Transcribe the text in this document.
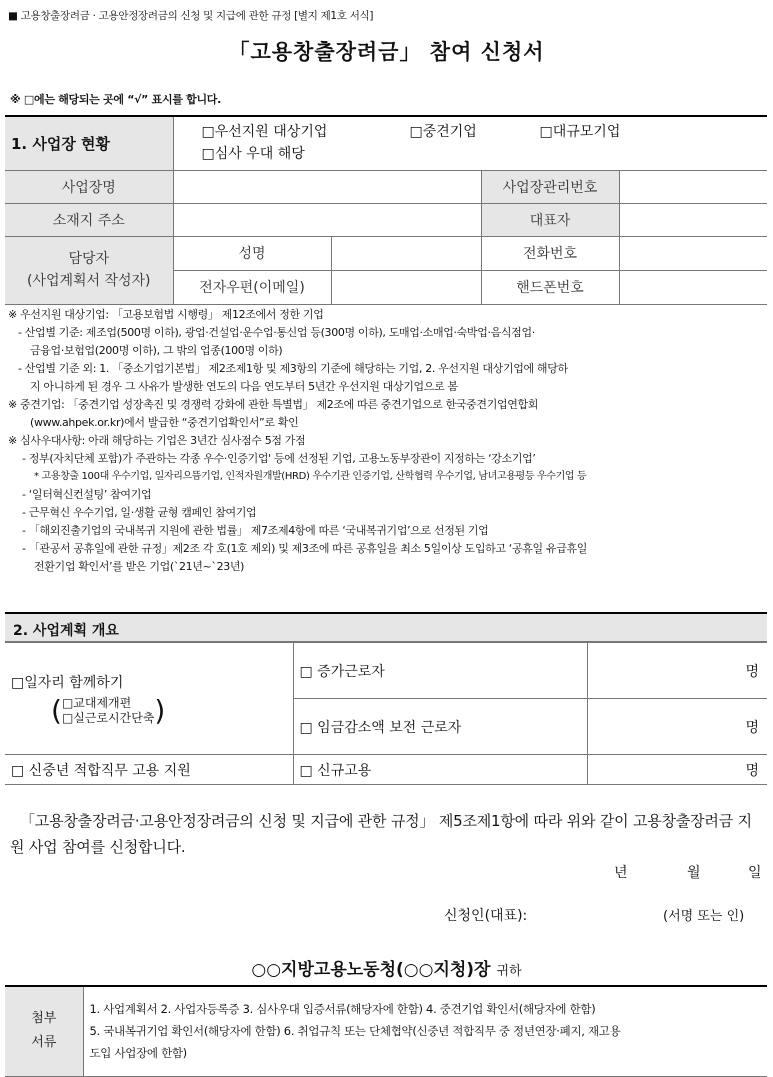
■ 고용창출장려금 · 고용안정장려금의 신청 및 지급에 관한 규정 [별지 제1호 서식]
「고용창출장려금」 참여 신청서
※ □에는 해당되는 곳에 “√” 표시를 합니다.
1. 사업장 현황	□우선지원 대상기업 □중견기업 □대규모기업
□심사 우대 해당			

사업장명			사업장관리번호	
소재지 주소			대표자	

담당자
(사업계획서 작성자)	성명		전화번호	
	전자우편(이메일)		핸드폰번호	
※ 우선지원 대상기업: 「고용보험법 시행령」 제12조에서 정한 기업
- 산업별 기준: 제조업(500명 이하), 광업·건설업·운수업·통신업 등(300명 이하), 도매업·소매업·숙박업·음식점업·
금융업·보험업(200명 이하), 그 밖의 업종(100명 이하)
- 산업별 기준 외: 1. 「중소기업기본법」 제2조제1항 및 제3항의 기준에 해당하는 기업, 2. 우선지원 대상기업에 해당하
지 아니하게 된 경우 그 사유가 발생한 연도의 다음 연도부터 5년간 우선지원 대상기업으로 봄
※ 중견기업: 「중견기업 성장촉진 및 경쟁력 강화에 관한 특별법」 제2조에 따른 중견기업으로 한국중견기업연합회
(www.ahpek.or.kr)에서 발급한 “중견기업확인서”로 확인
※ 심사우대사항: 아래 해당하는 기업은 3년간 심사점수 5점 가점
- 정부(자치단체 포함)가 주관하는 각종 우수·인증기업' 등에 선정된 기업, 고용노동부장관이 지정하는 ‘강소기업’
* 고용창출 100대 우수기업, 일자리으뜸기업, 인적자원개발(HRD) 우수기관 인증기업, 산학협력 우수기업, 남녀고용평등 우수기업 등
- ‘일터혁신컨설팅’ 참여기업
- 근무혁신 우수기업, 일·생활 균형 캠페인 참여기업
- 「해외진출기업의 국내복귀 지원에 관한 법률」 제7조제4항에 따른 ‘국내복귀기업’으로 선정된 기업
- 「관공서 공휴일에 관한 규정」제2조 각 호(1호 제외) 및 제3조에 따른 공휴일을 최소 5일이상 도입하고 ‘공휴일 유급휴일
전환기업 확인서’를 받은 기업(`21년~`23년)
2. 사업계획 개요
□일자리 함께하기
( □교대제개편
□실근로시간단축 )	□ 증가근로자	명
	□ 임금감소액 보전 근로자	명
□ 신중년 적합직무 고용 지원	□ 신규고용	명
「고용창출장려금·고용안정장려금의 신청 및 지급에 관한 규정」 제5조제1항에 따라 위와 같이 고용창출장려금 지원 사업 참여를 신청합니다.
년	월	일
신청인(대표):	(서명 또는 인)
○○지방고용노동청(○○지청)장 귀하
첨부
서류

1. 사업계획서 2. 사업자등록증 3. 심사우대 입증서류(해당자에 한함) 4. 중견기업 확인서(해당자에 한함)
5. 국내복귀기업 확인서(해당자에 한함) 6. 취업규칙 또는 단체협약(신중년 적합직무 중 정년연장·폐지, 재고용
도입 사업장에 한함)
